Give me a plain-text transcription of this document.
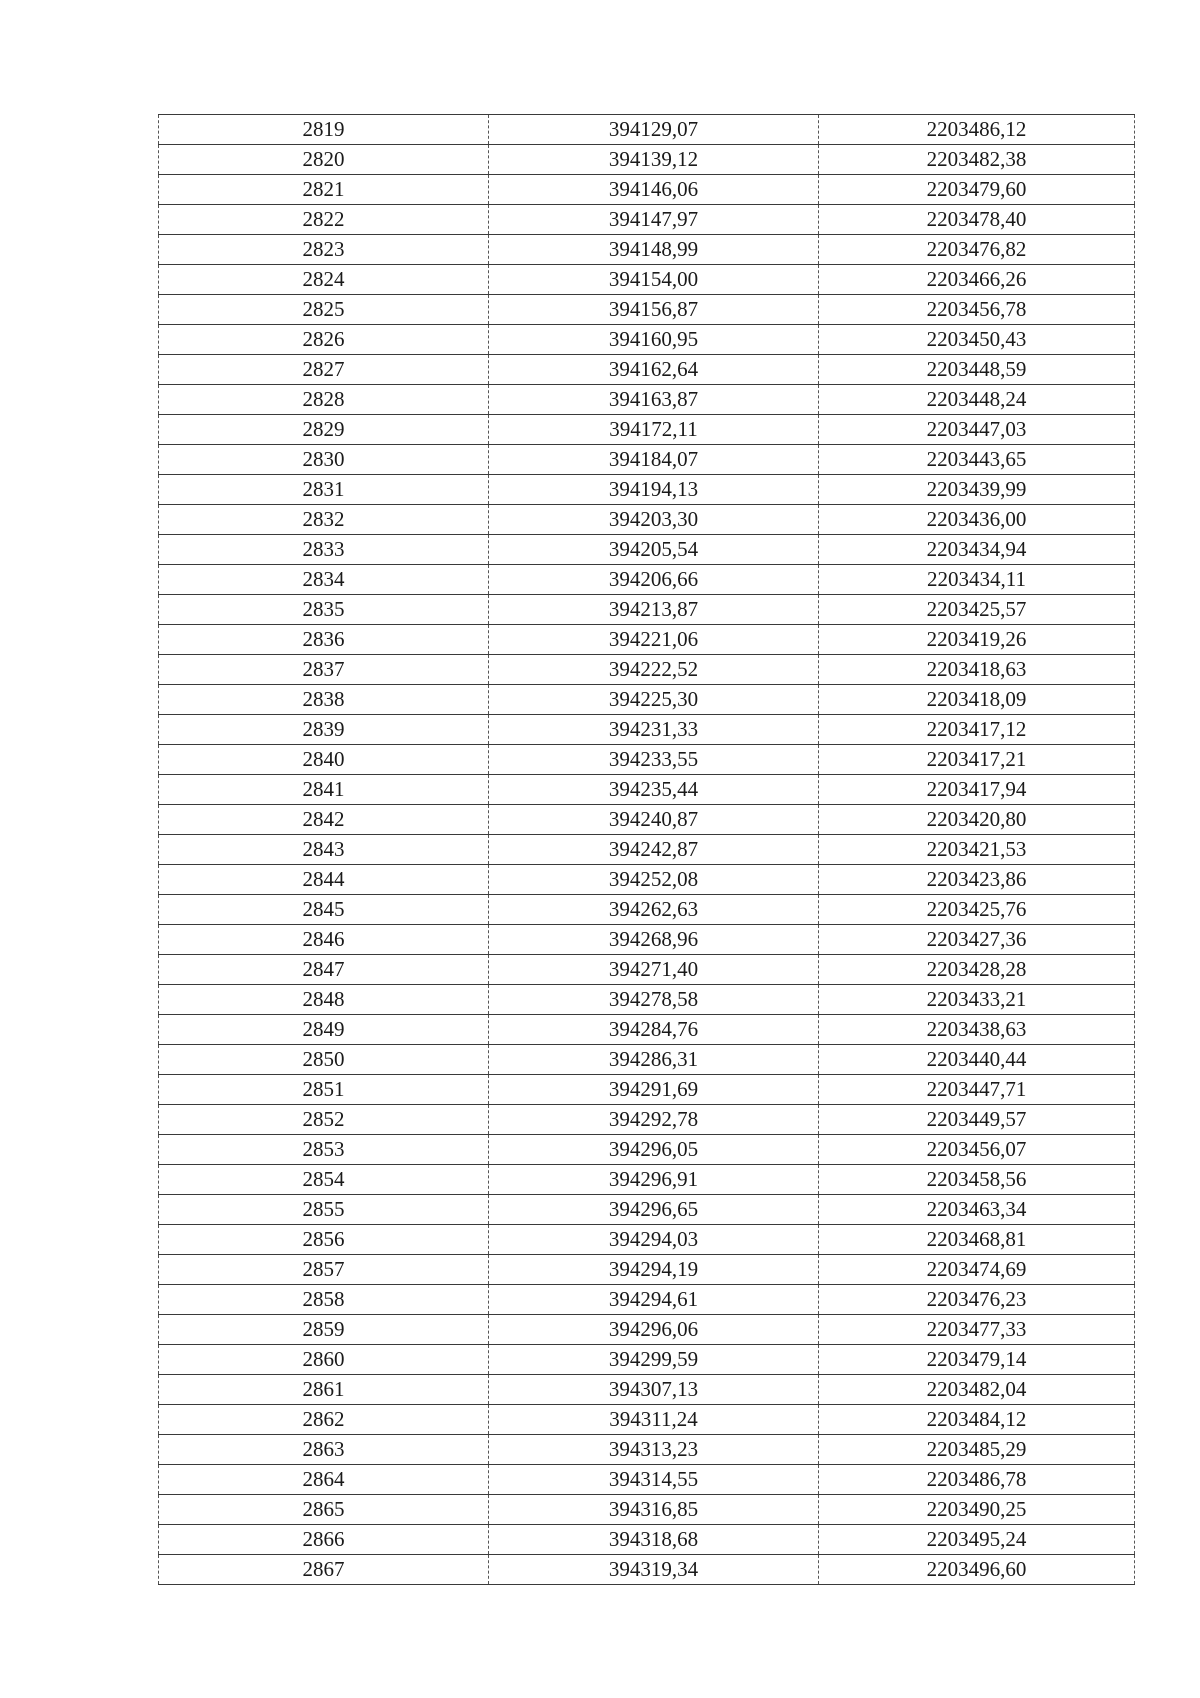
2819	394129,07	2203486,12
2820	394139,12	2203482,38
2821	394146,06	2203479,60
2822	394147,97	2203478,40
2823	394148,99	2203476,82
2824	394154,00	2203466,26
2825	394156,87	2203456,78
2826	394160,95	2203450,43
2827	394162,64	2203448,59
2828	394163,87	2203448,24
2829	394172,11	2203447,03
2830	394184,07	2203443,65
2831	394194,13	2203439,99
2832	394203,30	2203436,00
2833	394205,54	2203434,94
2834	394206,66	2203434,11
2835	394213,87	2203425,57
2836	394221,06	2203419,26
2837	394222,52	2203418,63
2838	394225,30	2203418,09
2839	394231,33	2203417,12
2840	394233,55	2203417,21
2841	394235,44	2203417,94
2842	394240,87	2203420,80
2843	394242,87	2203421,53
2844	394252,08	2203423,86
2845	394262,63	2203425,76
2846	394268,96	2203427,36
2847	394271,40	2203428,28
2848	394278,58	2203433,21
2849	394284,76	2203438,63
2850	394286,31	2203440,44
2851	394291,69	2203447,71
2852	394292,78	2203449,57
2853	394296,05	2203456,07
2854	394296,91	2203458,56
2855	394296,65	2203463,34
2856	394294,03	2203468,81
2857	394294,19	2203474,69
2858	394294,61	2203476,23
2859	394296,06	2203477,33
2860	394299,59	2203479,14
2861	394307,13	2203482,04
2862	394311,24	2203484,12
2863	394313,23	2203485,29
2864	394314,55	2203486,78
2865	394316,85	2203490,25
2866	394318,68	2203495,24
2867	394319,34	2203496,60
